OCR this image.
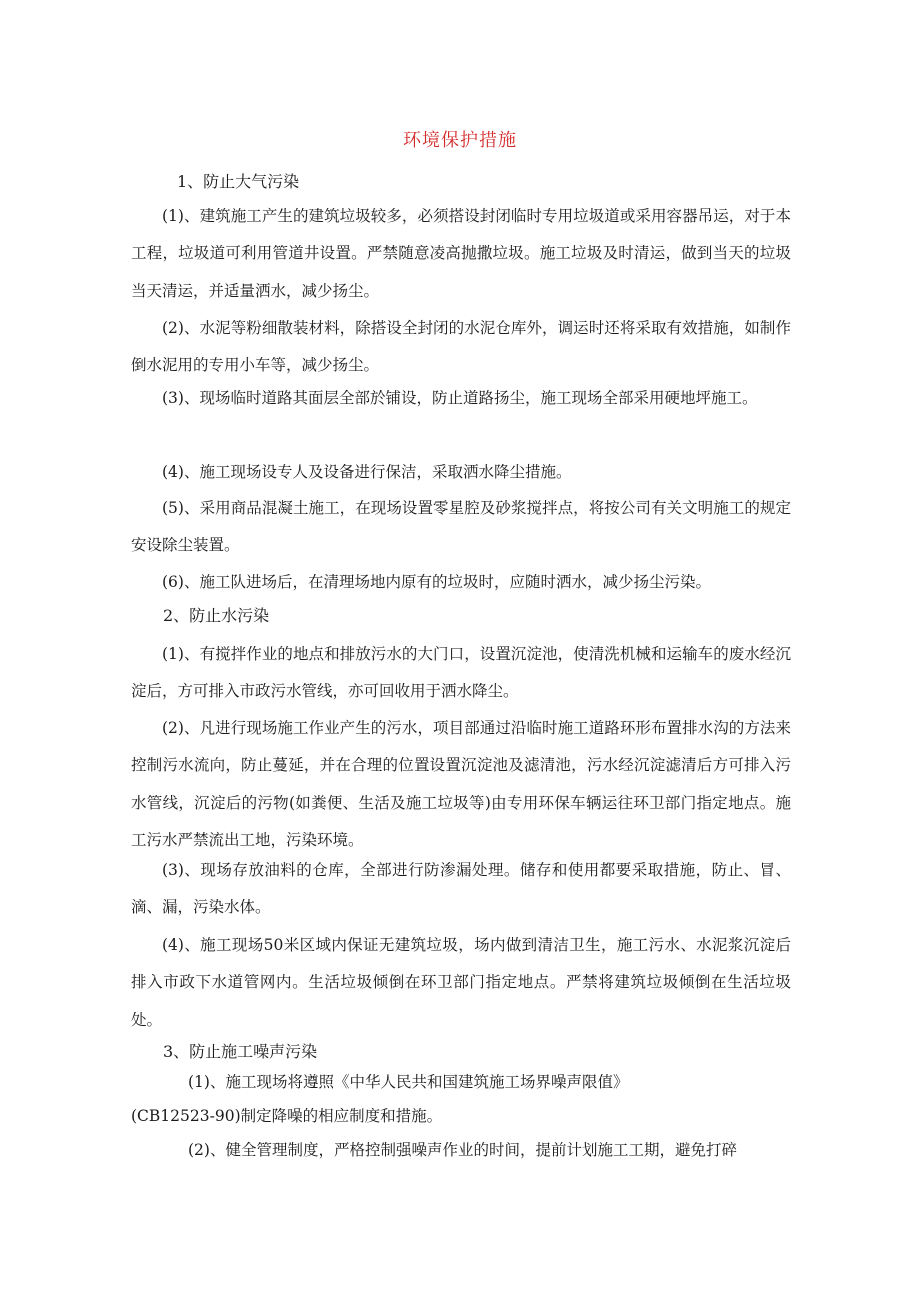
环境保护措施
1、防止大气污染
(1)、建筑施工产生的建筑垃圾较多，必须搭设封闭临时专用垃圾道或采用容器吊运，对于本工程，垃圾道可利用管道井设置。严禁随意凌高抛撒垃圾。施工垃圾及时清运，做到当天的垃圾当天清运，并适量洒水，减少扬尘。
(2)、水泥等粉细散装材料，除搭设全封闭的水泥仓库外，调运时还将采取有效措施，如制作倒水泥用的专用小车等，减少扬尘。
(3)、现场临时道路其面层全部於铺设，防止道路扬尘，施工现场全部采用硬地坪施工。
(4)、施工现场设专人及设备进行保洁，采取洒水降尘措施。
(5)、采用商品混凝土施工，在现场设置零星腔及砂浆搅拌点，将按公司有关文明施工的规定安设除尘装置。
(6)、施工队进场后，在清理场地内原有的垃圾时，应随时洒水，减少扬尘污染。
2、防止水污染
(1)、有搅拌作业的地点和排放污水的大门口，设置沉淀池，使清洗机械和运输车的废水经沉淀后，方可排入市政污水管线，亦可回收用于洒水降尘。
(2)、凡进行现场施工作业产生的污水，项目部通过沿临时施工道路环形布置排水沟的方法来控制污水流向，防止蔓延，并在合理的位置设置沉淀池及滤清池，污水经沉淀滤清后方可排入污水管线，沉淀后的污物(如粪便、生活及施工垃圾等)由专用环保车辆运往环卫部门指定地点。施工污水严禁流出工地，污染环境。
(3)、现场存放油料的仓库，全部进行防渗漏处理。储存和使用都要采取措施，防止、冒、滴、漏，污染水体。
(4)、施工现场50米区域内保证无建筑垃圾，场内做到清洁卫生，施工污水、水泥浆沉淀后排入市政下水道管网内。生活垃圾倾倒在环卫部门指定地点。严禁将建筑垃圾倾倒在生活垃圾处。
3、防止施工噪声污染
(1)、施工现场将遵照《中华人民共和国建筑施工场界噪声限值》
(CB12523-90)制定降噪的相应制度和措施。
(2)、健全管理制度，严格控制强噪声作业的时间，提前计划施工工期，避免打碎
